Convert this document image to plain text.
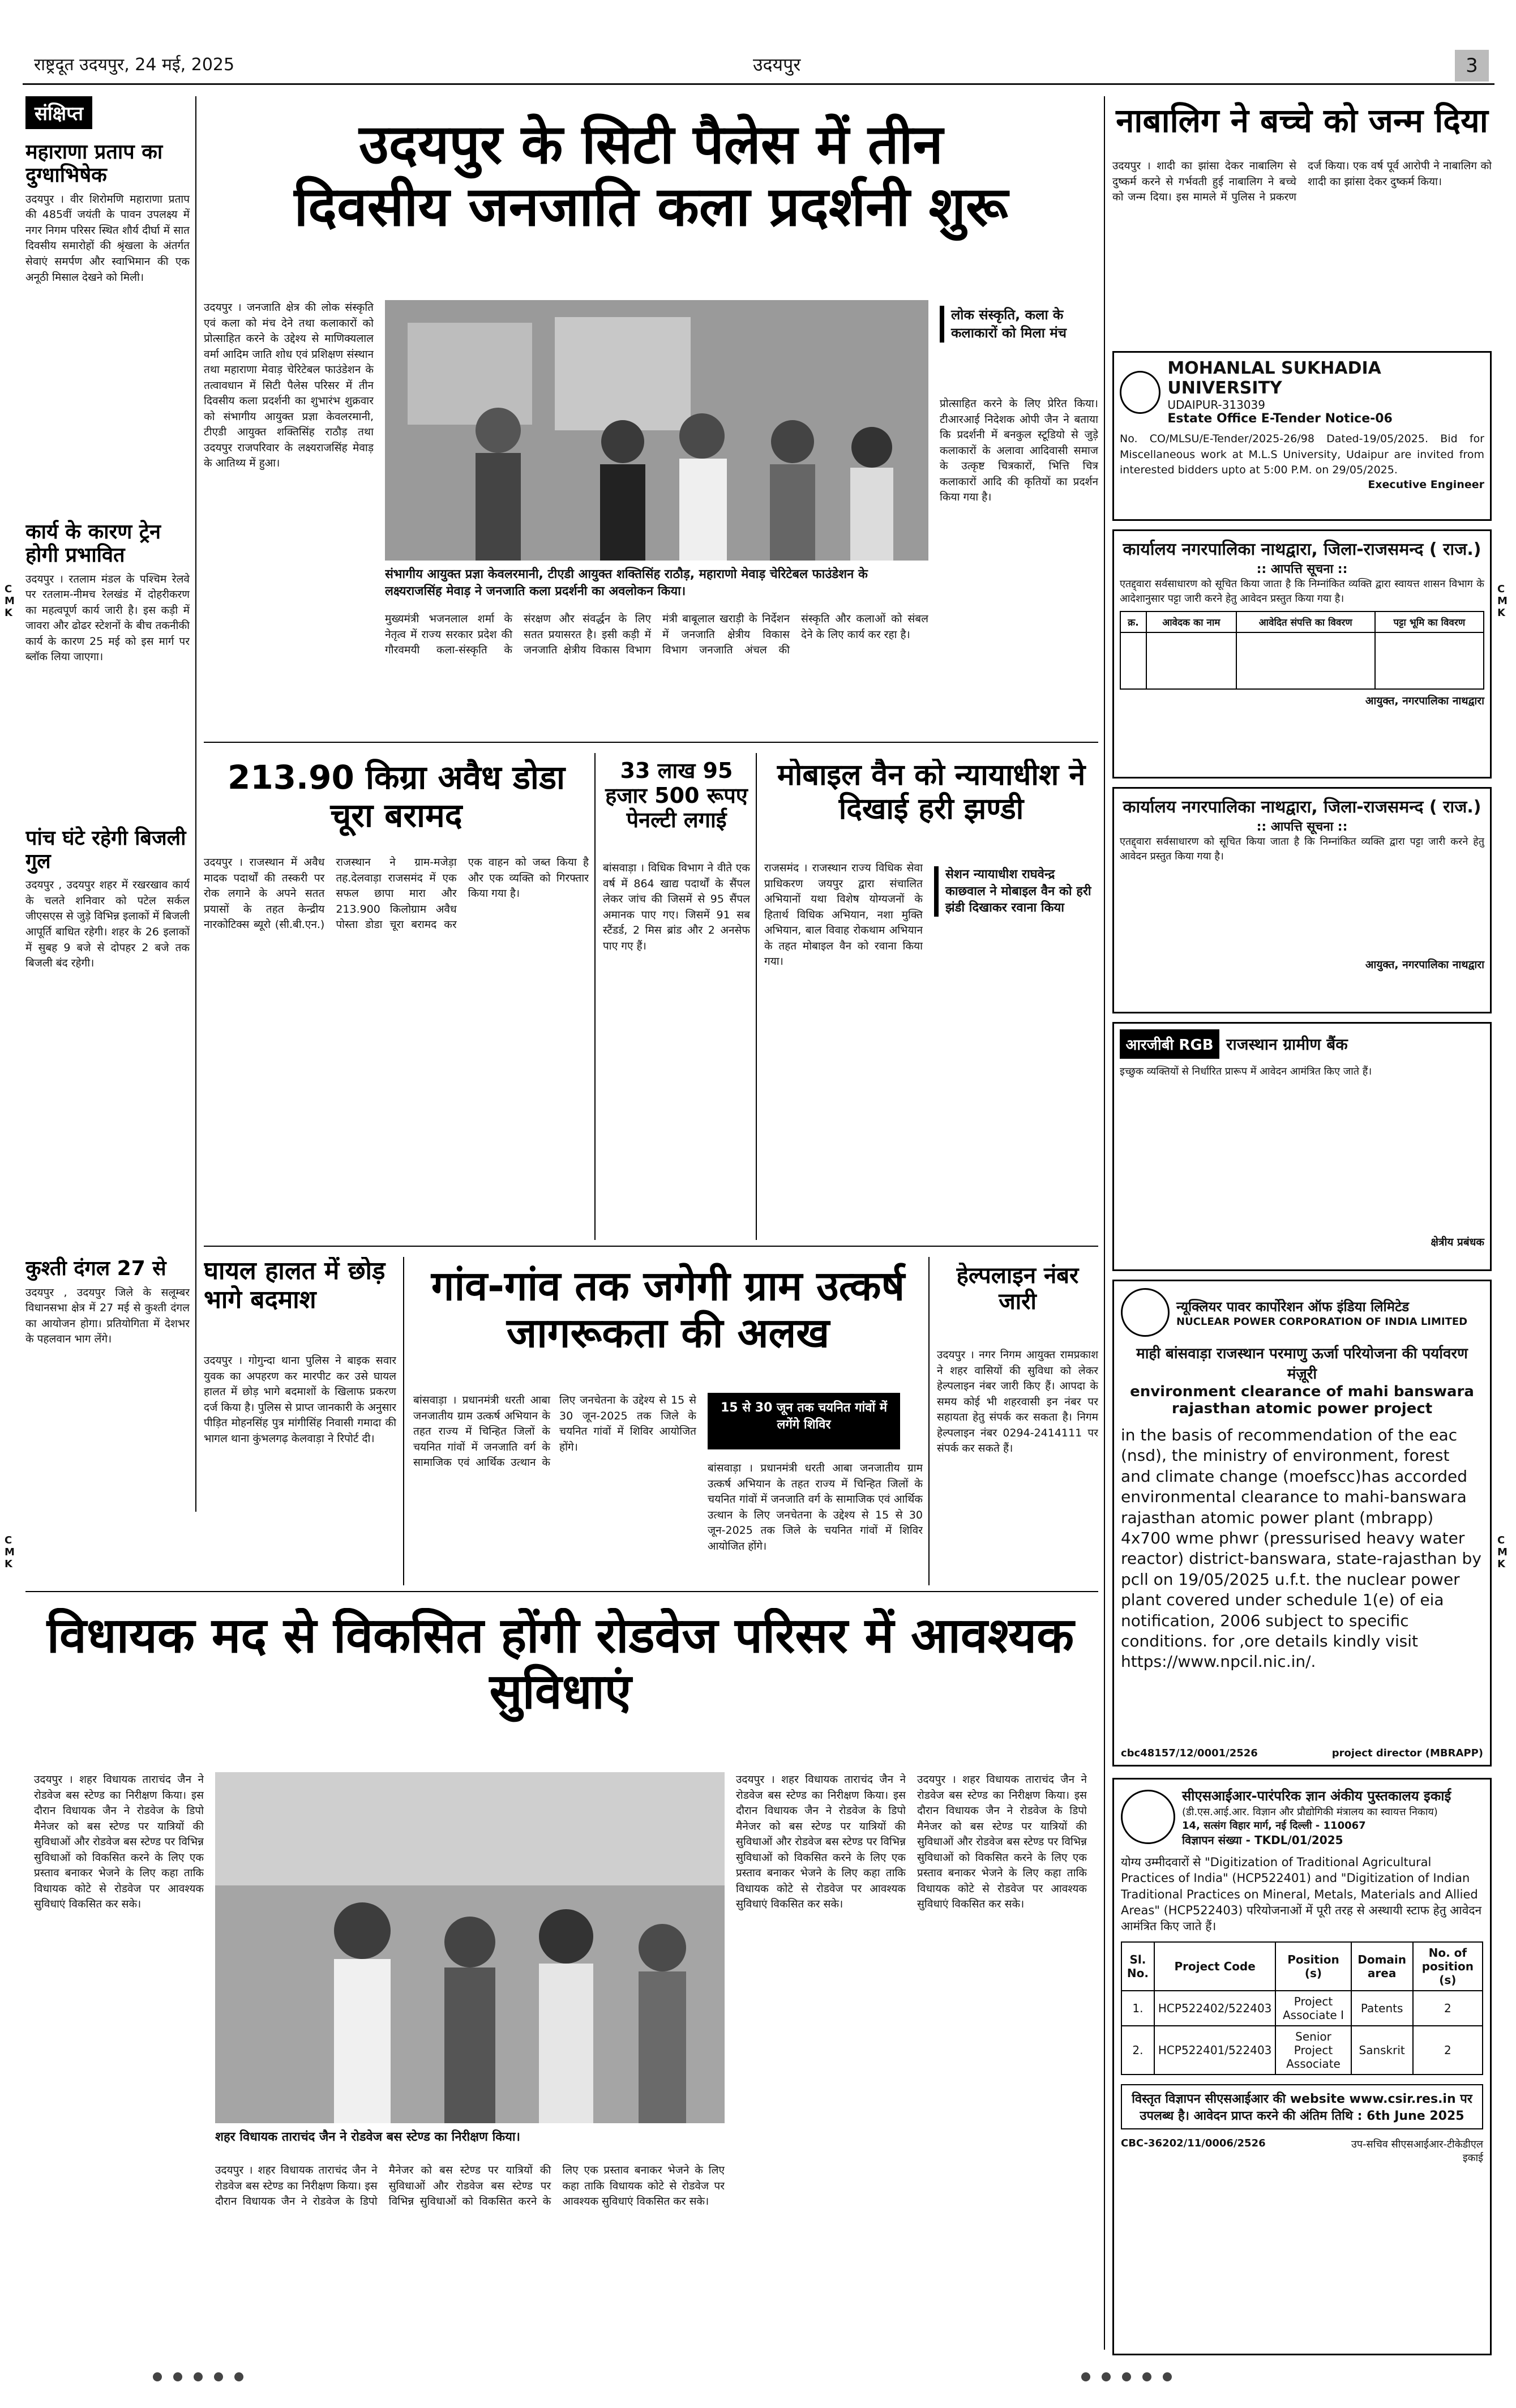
राष्ट्रदूत उदयपुर, 24 मई, 2025	उदयपुर	3
C
M
K
C
M
K
C
M
K
C
M
K
संक्षिप्त
महाराणा प्रताप का दुग्धाभिषेक
उदयपुर । वीर शिरोमणि महाराणा प्रताप की 485वीं जयंती के पावन उपलक्ष्य में नगर निगम परिसर स्थित शौर्य दीर्घा में सात दिवसीय समारोहों की श्रृंखला के अंतर्गत सेवाएं समर्पण और स्वाभिमान की एक अनूठी मिसाल देखने को मिली।
कार्य के कारण ट्रेन होगी प्रभावित
उदयपुर । रतलाम मंडल के पश्चिम रेलवे पर रतलाम-नीमच रेलखंड में दोहरीकरण का महत्वपूर्ण कार्य जारी है। इस कड़ी में जावरा और ढोढर स्टेशनों के बीच तकनीकी कार्य के कारण 25 मई को इस मार्ग पर ब्लॉक लिया जाएगा।
पांच घंटे रहेगी बिजली गुल
उदयपुर , उदयपुर शहर में रखरखाव कार्य के चलते शनिवार को पटेल सर्कल जीएसएस से जुड़े विभिन्न इलाकों में बिजली आपूर्ति बाधित रहेगी। शहर के 26 इलाकों में सुबह 9 बजे से दोपहर 2 बजे तक बिजली बंद रहेगी।
कुश्ती दंगल 27 से
उदयपुर , उदयपुर जिले के सलूम्बर विधानसभा क्षेत्र में 27 मई से कुश्ती दंगल का आयोजन होगा। प्रतियोगिता में देशभर के पहलवान भाग लेंगे।
उदयपुर के सिटी पैलेस में तीन
दिवसीय जनजाति कला प्रदर्शनी शुरू
उदयपुर । जनजाति क्षेत्र की लोक संस्कृति एवं कला को मंच देने तथा कलाकारों को प्रोत्साहित करने के उद्देश्य से माणिक्यलाल वर्मा आदिम जाति शोध एवं प्रशिक्षण संस्थान तथा महाराणा मेवाड़ चेरिटेबल फाउंडेशन के तत्वावधान में सिटी पैलेस परिसर में तीन दिवसीय कला प्रदर्शनी का शुभारंभ शुक्रवार को संभागीय आयुक्त प्रज्ञा केवलरमानी, टीएडी आयुक्त शक्तिसिंह राठौड़ तथा उदयपुर राजपरिवार के लक्ष्यराजसिंह मेवाड़ के आतिथ्य में हुआ।
लोक संस्कृति, कला के कलाकारों को मिला मंच
प्रोत्साहित करने के लिए प्रेरित किया। टीआरआई निदेशक ओपी जैन ने बताया कि प्रदर्शनी में बनकुल स्टूडियो से जुड़े कलाकारों के अलावा आदिवासी समाज के उत्कृष्ट चित्रकारों, भित्ति चित्र कलाकारों आदि की कृतियों का प्रदर्शन किया गया है।
संभागीय आयुक्त प्रज्ञा केवलरमानी, टीएडी आयुक्त शक्तिसिंह राठौड़, महाराणो मेवाड़ चेरिटेबल फाउंडेशन के लक्ष्यराजसिंह मेवाड़ ने जनजाति कला प्रदर्शनी का अवलोकन किया।
मुख्यमंत्री भजनलाल शर्मा के नेतृत्व में राज्य सरकार प्रदेश की गौरवमयी कला-संस्कृति के संरक्षण और संवर्द्धन के लिए सतत प्रयासरत है। इसी कड़ी में जनजाति क्षेत्रीय विकास विभाग मंत्री बाबूलाल खराड़ी के निर्देशन में जनजाति क्षेत्रीय विकास विभाग जनजाति अंचल की संस्कृति और कलाओं को संबल देने के लिए कार्य कर रहा है।
213.90 किग्रा अवैध डोडा चूरा बरामद
उदयपुर । राजस्थान में अवैध मादक पदार्थों की तस्करी पर रोक लगाने के अपने सतत प्रयासों के तहत केन्द्रीय नारकोटिक्स ब्यूरो (सी.बी.एन.) राजस्थान ने ग्राम-मजेड़ा तह.देलवाड़ा राजसमंद में एक सफल छापा मारा और 213.900 किलोग्राम अवैध पोस्ता डोडा चूरा बरामद कर एक वाहन को जब्त किया है और एक व्यक्ति को गिरफ्तार किया गया है।
33 लाख 95 हजार 500 रूपए पेनल्टी लगाई
बांसवाड़ा । विधिक विभाग ने वीते एक वर्ष में 864 खाद्य पदार्थों के सैंपल लेकर जांच की जिसमें से 95 सैंपल अमानक पाए गए। जिसमें 91 सब स्टैंडर्ड, 2 मिस ब्रांड और 2 अनसेफ पाए गए हैं।
मोबाइल वैन को न्यायाधीश ने दिखाई हरी झण्डी
राजसमंद । राजस्थान राज्य विधिक सेवा प्राधिकरण जयपुर द्वारा संचालित अभियानों यथा विशेष योग्यजनों के हितार्थ विधिक अभियान, नशा मुक्ति अभियान, बाल विवाह रोकथाम अभियान के तहत मोबाइल वैन को रवाना किया गया।
सेशन न्यायाधीश राघवेन्द्र काछवाल ने मोबाइल वैन को हरी झंडी दिखाकर रवाना किया
घायल हालत में छोड़ भागे बदमाश
उदयपुर । गोगुन्दा थाना पुलिस ने बाइक सवार युवक का अपहरण कर मारपीट कर उसे घायल हालत में छोड़ भागे बदमाशों के खिलाफ प्रकरण दर्ज किया है। पुलिस से प्राप्त जानकारी के अनुसार पीड़ित मोहनसिंह पुत्र मांगीसिंह निवासी गमादा की भागल थाना कुंभलगढ़ केलवाड़ा ने रिपोर्ट दी।
गांव-गांव तक जगेगी ग्राम उत्कर्ष जागरूकता की अलख
15 से 30 जून तक चयनित गांवों में लगेंगे शिविर
बांसवाड़ा । प्रधानमंत्री धरती आबा जनजातीय ग्राम उत्कर्ष अभियान के तहत राज्य में चिन्हित जिलों के चयनित गांवों में जनजाति वर्ग के सामाजिक एवं आर्थिक उत्थान के लिए जनचेतना के उद्देश्य से 15 से 30 जून-2025 तक जिले के चयनित गांवों में शिविर आयोजित होंगे।
बांसवाड़ा । प्रधानमंत्री धरती आबा जनजातीय ग्राम उत्कर्ष अभियान के तहत राज्य में चिन्हित जिलों के चयनित गांवों में जनजाति वर्ग के सामाजिक एवं आर्थिक उत्थान के लिए जनचेतना के उद्देश्य से 15 से 30 जून-2025 तक जिले के चयनित गांवों में शिविर आयोजित होंगे।
हेल्पलाइन नंबर जारी
उदयपुर । नगर निगम आयुक्त रामप्रकाश ने शहर वासियों की सुविधा को लेकर हेल्पलाइन नंबर जारी किए हैं। आपदा के समय कोई भी शहरवासी इन नंबर पर सहायता हेतु संपर्क कर सकता है। निगम हेल्पलाइन नंबर 0294-2414111 पर संपर्क कर सकते हैं।
विधायक मद से विकसित होंगी रोडवेज परिसर में आवश्यक सुविधाएं
उदयपुर । शहर विधायक ताराचंद जैन ने रोडवेज बस स्टेण्ड का निरीक्षण किया। इस दौरान विधायक जैन ने रोडवेज के डिपो मैनेजर को बस स्टेण्ड पर यात्रियों की सुविधाओं और रोडवेज बस स्टेण्ड पर विभिन्न सुविधाओं को विकसित करने के लिए एक प्रस्ताव बनाकर भेजने के लिए कहा ताकि विधायक कोटे से रोडवेज पर आवश्यक सुविधाएं विकसित कर सके।
शहर विधायक ताराचंद जैन ने रोडवेज बस स्टेण्ड का निरीक्षण किया।
उदयपुर । शहर विधायक ताराचंद जैन ने रोडवेज बस स्टेण्ड का निरीक्षण किया। इस दौरान विधायक जैन ने रोडवेज के डिपो मैनेजर को बस स्टेण्ड पर यात्रियों की सुविधाओं और रोडवेज बस स्टेण्ड पर विभिन्न सुविधाओं को विकसित करने के लिए एक प्रस्ताव बनाकर भेजने के लिए कहा ताकि विधायक कोटे से रोडवेज पर आवश्यक सुविधाएं विकसित कर सके।
उदयपुर । शहर विधायक ताराचंद जैन ने रोडवेज बस स्टेण्ड का निरीक्षण किया। इस दौरान विधायक जैन ने रोडवेज के डिपो मैनेजर को बस स्टेण्ड पर यात्रियों की सुविधाओं और रोडवेज बस स्टेण्ड पर विभिन्न सुविधाओं को विकसित करने के लिए एक प्रस्ताव बनाकर भेजने के लिए कहा ताकि विधायक कोटे से रोडवेज पर आवश्यक सुविधाएं विकसित कर सके।
उदयपुर । शहर विधायक ताराचंद जैन ने रोडवेज बस स्टेण्ड का निरीक्षण किया। इस दौरान विधायक जैन ने रोडवेज के डिपो मैनेजर को बस स्टेण्ड पर यात्रियों की सुविधाओं और रोडवेज बस स्टेण्ड पर विभिन्न सुविधाओं को विकसित करने के लिए एक प्रस्ताव बनाकर भेजने के लिए कहा ताकि विधायक कोटे से रोडवेज पर आवश्यक सुविधाएं विकसित कर सके।
नाबालिग ने बच्चे को जन्म दिया
उदयपुर । शादी का झांसा देकर नाबालिग से दुष्कर्म करने से गर्भवती हुई नाबालिग ने बच्चे को जन्म दिया। इस मामले में पुलिस ने प्रकरण दर्ज किया। एक वर्ष पूर्व आरोपी ने नाबालिग को शादी का झांसा देकर दुष्कर्म किया।
MOHANLAL SUKHADIA UNIVERSITY
UDAIPUR-313039
Estate Office E-Tender Notice-06
No. CO/MLSU/E-Tender/2025-26/98 Dated-19/05/2025. Bid for Miscellaneous work at M.L.S University, Udaipur are invited from interested bidders upto at 5:00 P.M. on 29/05/2025.
Executive Engineer
कार्यालय नगरपालिका नाथद्वारा, जिला-राजसमन्द ( राज.)
:: आपत्ति सूचना ::
एतद्द्वारा सर्वसाधारण को सूचित किया जाता है कि निम्नांकित व्यक्ति द्वारा स्वायत्त शासन विभाग के आदेशानुसार पट्टा जारी करने हेतु आवेदन प्रस्तुत किया गया है।
क्र.	आवेदक का नाम	आवेदित संपत्ति का विवरण	पट्टा भूमि का विवरण

आयुक्त, नगरपालिका नाथद्वारा
कार्यालय नगरपालिका नाथद्वारा, जिला-राजसमन्द ( राज.)
:: आपत्ति सूचना ::
एतद्द्वारा सर्वसाधारण को सूचित किया जाता है कि निम्नांकित व्यक्ति द्वारा पट्टा जारी करने हेतु आवेदन प्रस्तुत किया गया है।
आयुक्त, नगरपालिका नाथद्वारा
आरजीबी RGB राजस्थान ग्रामीण बैंक
इच्छुक व्यक्तियों से निर्धारित प्रारूप में आवेदन आमंत्रित किए जाते हैं।
क्षेत्रीय प्रबंधक
न्यूक्लियर पावर कार्पोरेशन ऑफ इंडिया लिमिटेड
NUCLEAR POWER CORPORATION OF INDIA LIMITED
माही बांसवाड़ा राजस्थान परमाणु ऊर्जा परियोजना की पर्यावरण मंज़ूरी
environment clearance of mahi banswara rajasthan atomic power project
in the basis of recommendation of the eac (nsd), the ministry of environment, forest and climate change (moefscc)has accorded environmental clearance to mahi-banswara rajasthan atomic power plant (mbrapp) 4x700 wme phwr (pressurised heavy water reactor) district-banswara, state-rajasthan by pcll on 19/05/2025 u.f.t. the nuclear power plant covered under schedule 1(e) of eia notification, 2006 subject to specific conditions. for ,ore details kindly visit https://www.npcil.nic.in/.
cbc48157/12/0001/2526	project director (MBRAPP)
सीएसआईआर-पारंपरिक ज्ञान अंकीय पुस्तकालय इकाई
(डी.एस.आई.आर. विज्ञान और प्रौद्योगिकी मंत्रालय का स्वायत्त निकाय)
14, सत्संग विहार मार्ग, नई दिल्ली - 110067
विज्ञापन संख्या - TKDL/01/2025
योग्य उम्मीदवारों से "Digitization of Traditional Agricultural Practices of India" (HCP522401) and "Digitization of Indian Traditional Practices on Mineral, Metals, Materials and Allied Areas" (HCP522403) परियोजनाओं में पूरी तरह से अस्थायी स्टाफ हेतु आवेदन आमंत्रित किए जाते हैं।
Sl. No.	Project Code	Position (s)	Domain area	No. of position (s)
1.	HCP522402/522403	Project Associate I	Patents	2
2.	HCP522401/522403	Senior Project Associate	Sanskrit	2
विस्तृत विज्ञापन सीएसआईआर की website www.csir.res.in पर उपलब्ध है। आवेदन प्राप्त करने की अंतिम तिथि : 6th June 2025
CBC-36202/11/0006/2526	उप-सचिव सीएसआईआर-टीकेडीएल इकाई
